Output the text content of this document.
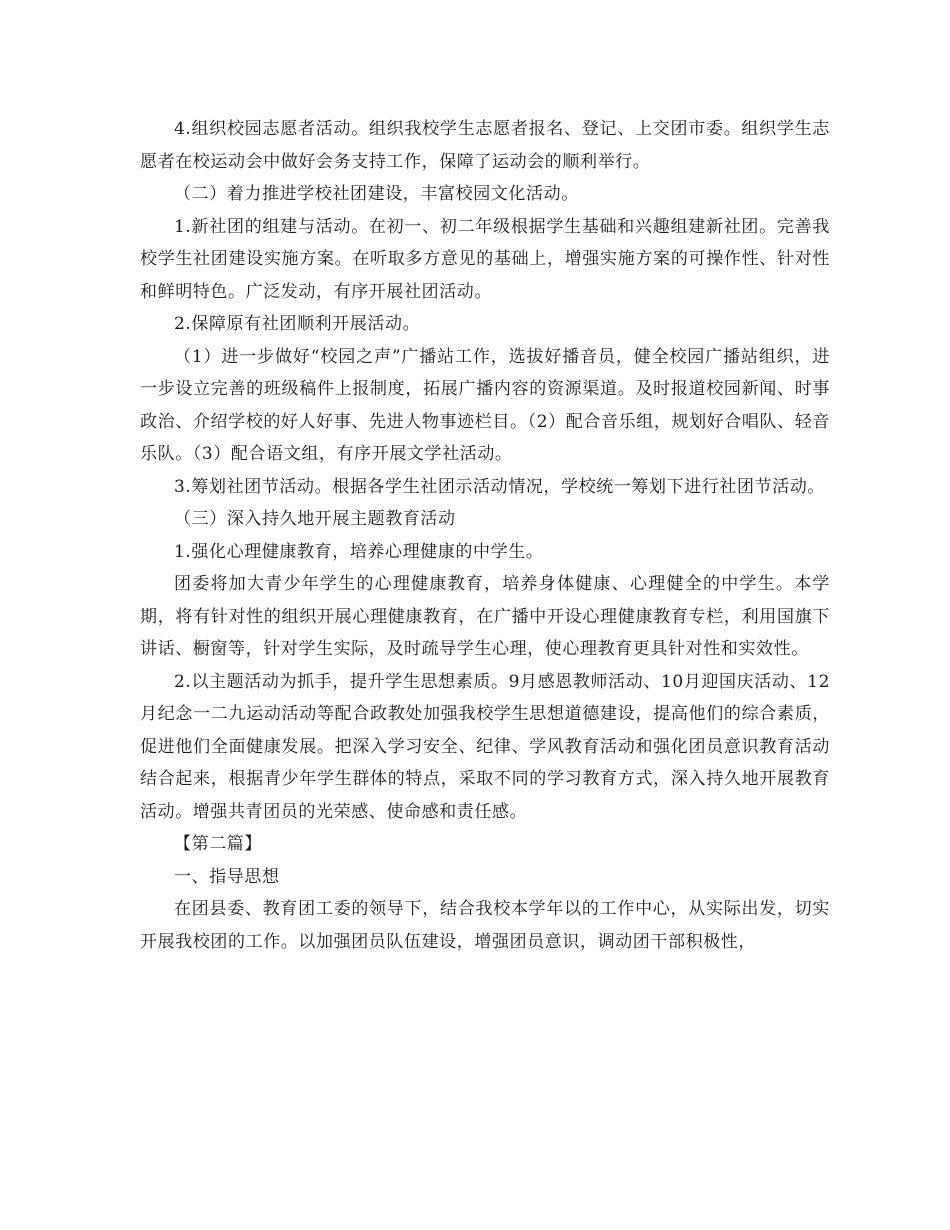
4.组织校园志愿者活动。组织我校学生志愿者报名、登记、上交团市委。组织学生志愿者在校运动会中做好会务支持工作，保障了运动会的顺利举行。

（二）着力推进学校社团建设，丰富校园文化活动。

1.新社团的组建与活动。在初一、初二年级根据学生基础和兴趣组建新社团。完善我校学生社团建设实施方案。在听取多方意见的基础上，增强实施方案的可操作性、针对性和鲜明特色。广泛发动，有序开展社团活动。

2.保障原有社团顺利开展活动。

（1）进一步做好“校园之声”广播站工作，选拔好播音员，健全校园广播站组织，进一步设立完善的班级稿件上报制度，拓展广播内容的资源渠道。及时报道校园新闻、时事政治、介绍学校的好人好事、先进人物事迹栏目。（2）配合音乐组，规划好合唱队、轻音乐队。（3）配合语文组，有序开展文学社活动。

3.筹划社团节活动。根据各学生社团示活动情况，学校统一筹划下进行社团节活动。

（三）深入持久地开展主题教育活动

1.强化心理健康教育，培养心理健康的中学生。

团委将加大青少年学生的心理健康教育，培养身体健康、心理健全的中学生。本学期，将有针对性的组织开展心理健康教育，在广播中开设心理健康教育专栏，利用国旗下讲话、橱窗等，针对学生实际，及时疏导学生心理，使心理教育更具针对性和实效性。

2.以主题活动为抓手，提升学生思想素质。9月感恩教师活动、10月迎国庆活动、12月纪念一二九运动活动等配合政教处加强我校学生思想道德建设，提高他们的综合素质，促进他们全面健康发展。把深入学习安全、纪律、学风教育活动和强化团员意识教育活动结合起来，根据青少年学生群体的特点，采取不同的学习教育方式，深入持久地开展教育活动。增强共青团员的光荣感、使命感和责任感。

【第二篇】

一、指导思想

在团县委、教育团工委的领导下，结合我校本学年以的工作中心，从实际出发，切实开展我校团的工作。以加强团员队伍建设，增强团员意识，调动团干部积极性，
